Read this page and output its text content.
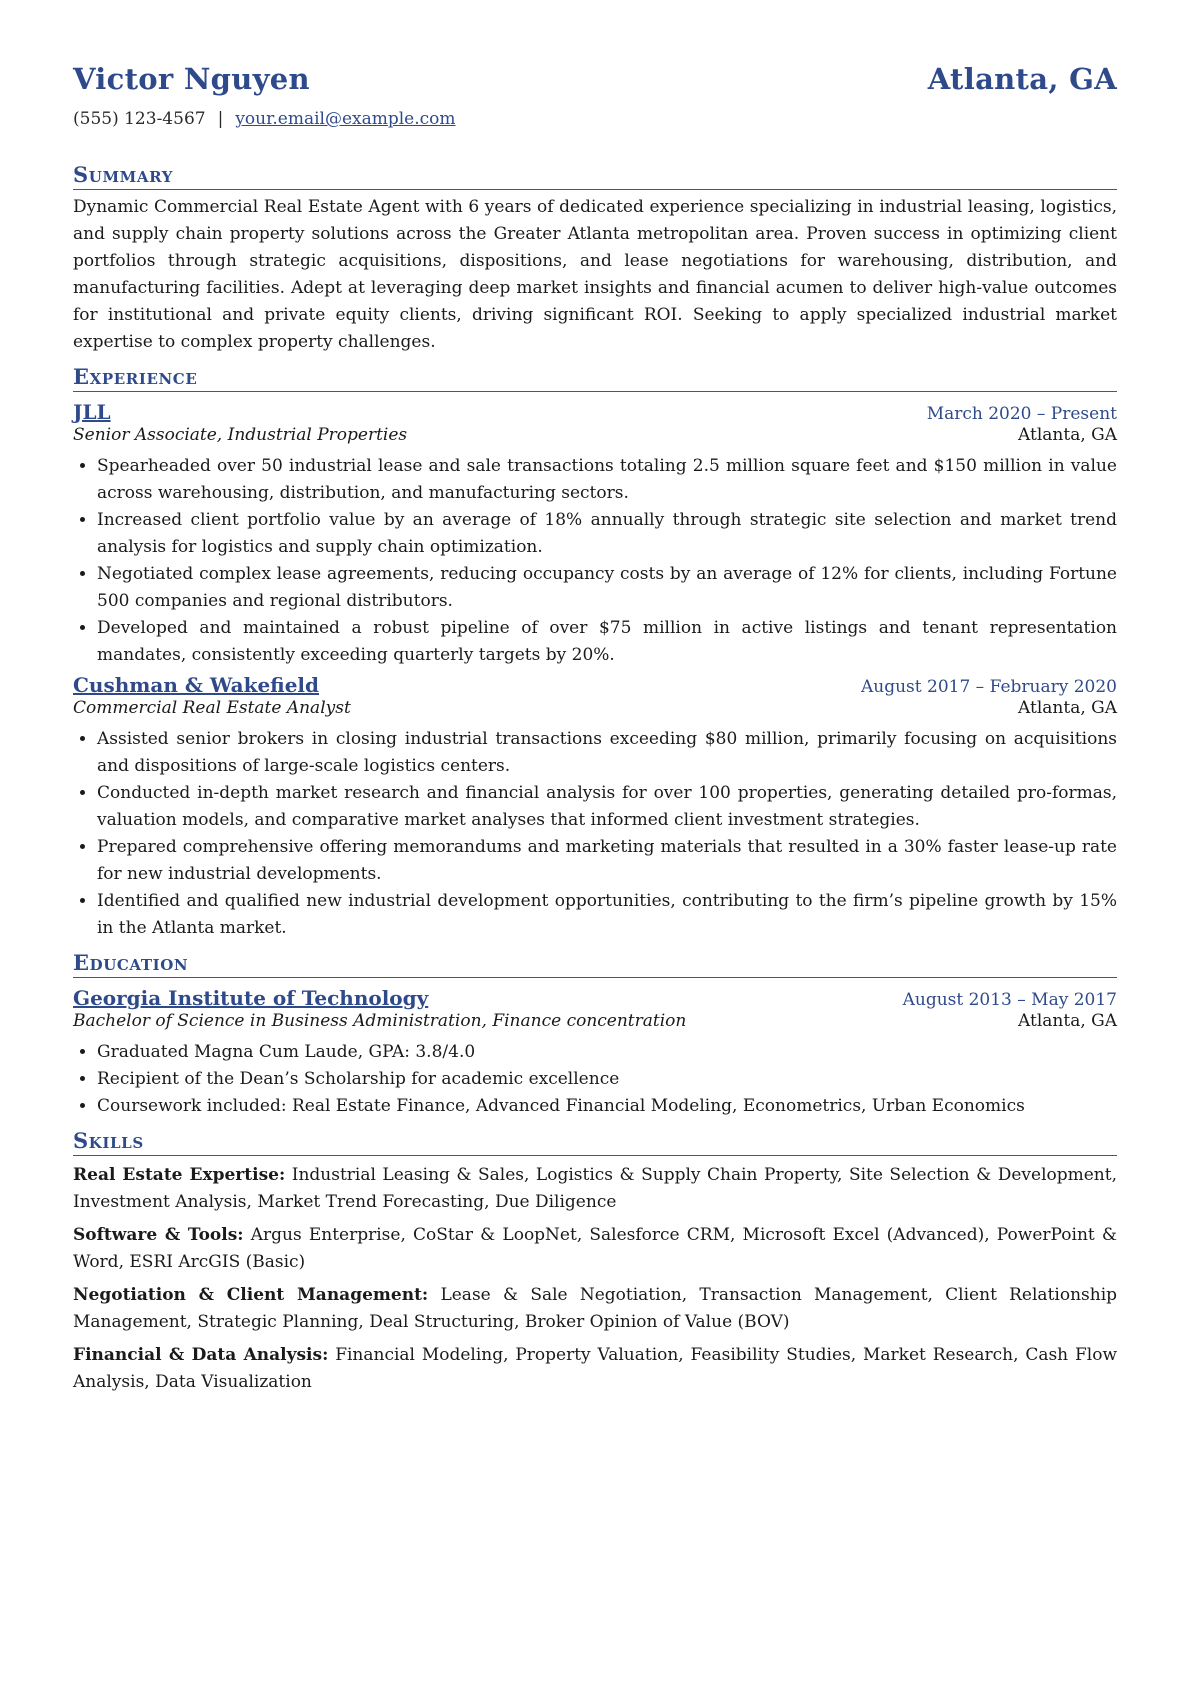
Victor Nguyen	Atlanta, GA
(555) 123-4567 | your.email@example.com
Summary

Dynamic Commercial Real Estate Agent with 6 years of dedicated experience specializing in industrial leasing, logistics, and supply chain property solutions across the Greater Atlanta metropolitan area. Proven success in optimizing client portfolios through strategic acquisitions, dispositions, and lease negotiations for warehousing, distribution, and manufacturing facilities. Adept at leveraging deep market insights and financial acumen to deliver high-value outcomes for institutional and private equity clients, driving significant ROI. Seeking to apply specialized industrial market expertise to complex property challenges.

Experience
JLL	March 2020 – Present
Senior Associate, Industrial Properties	Atlanta, GA
• Spearheaded over 50 industrial lease and sale transactions totaling 2.5 million square feet and $150 million in value across warehousing, distribution, and manufacturing sectors.
• Increased client portfolio value by an average of 18% annually through strategic site selection and market trend analysis for logistics and supply chain optimization.
• Negotiated complex lease agreements, reducing occupancy costs by an average of 12% for clients, including Fortune 500 companies and regional distributors.
• Developed and maintained a robust pipeline of over $75 million in active listings and tenant representation mandates, consistently exceeding quarterly targets by 20%.
Cushman & Wakefield	August 2017 – February 2020
Commercial Real Estate Analyst	Atlanta, GA
• Assisted senior brokers in closing industrial transactions exceeding $80 million, primarily focusing on acquisitions and dispositions of large-scale logistics centers.
• Conducted in-depth market research and financial analysis for over 100 properties, generating detailed pro-formas, valuation models, and comparative market analyses that informed client investment strategies.
• Prepared comprehensive offering memorandums and marketing materials that resulted in a 30% faster lease-up rate for new industrial developments.
• Identified and qualified new industrial development opportunities, contributing to the firm’s pipeline growth by 15% in the Atlanta market.
Education
Georgia Institute of Technology	August 2013 – May 2017
Bachelor of Science in Business Administration, Finance concentration	Atlanta, GA
• Graduated Magna Cum Laude, GPA: 3.8/4.0
• Recipient of the Dean’s Scholarship for academic excellence
• Coursework included: Real Estate Finance, Advanced Financial Modeling, Econometrics, Urban Economics
Skills

Real Estate Expertise: Industrial Leasing & Sales, Logistics & Supply Chain Property, Site Selection & Development, Investment Analysis, Market Trend Forecasting, Due Diligence

Software & Tools: Argus Enterprise, CoStar & LoopNet, Salesforce CRM, Microsoft Excel (Advanced), PowerPoint & Word, ESRI ArcGIS (Basic)

Negotiation & Client Management: Lease & Sale Negotiation, Transaction Management, Client Relationship Management, Strategic Planning, Deal Structuring, Broker Opinion of Value (BOV)

Financial & Data Analysis: Financial Modeling, Property Valuation, Feasibility Studies, Market Research, Cash Flow Analysis, Data Visualization
